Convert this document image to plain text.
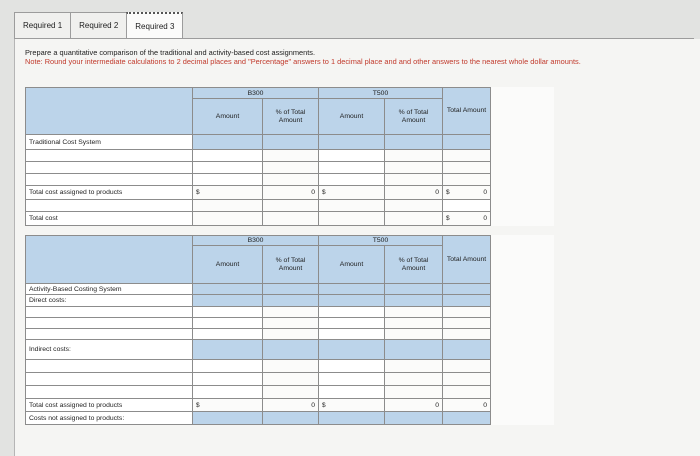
Required 1	Required 2	Required 3
Prepare a quantitative comparison of the traditional and activity-based cost assignments.
Note: Round your intermediate calculations to 2 decimal places and "Percentage" answers to 1 decimal place and and other answers to the nearest whole dollar amounts.
	B300		T500		Total Amount
	Amount	% of Total Amount	Amount	% of Total Amount	
Traditional Cost System					

Total cost assigned to products	$	0	$	0	$ 0

Total cost					$ 0
	B300		T500		Total Amount
	Amount	% of Total Amount	Amount	% of Total Amount	
Activity-Based Costing System					
Direct costs:					

Indirect costs:					

Total cost assigned to products	$	0	$	0	0
Costs not assigned to products:					
